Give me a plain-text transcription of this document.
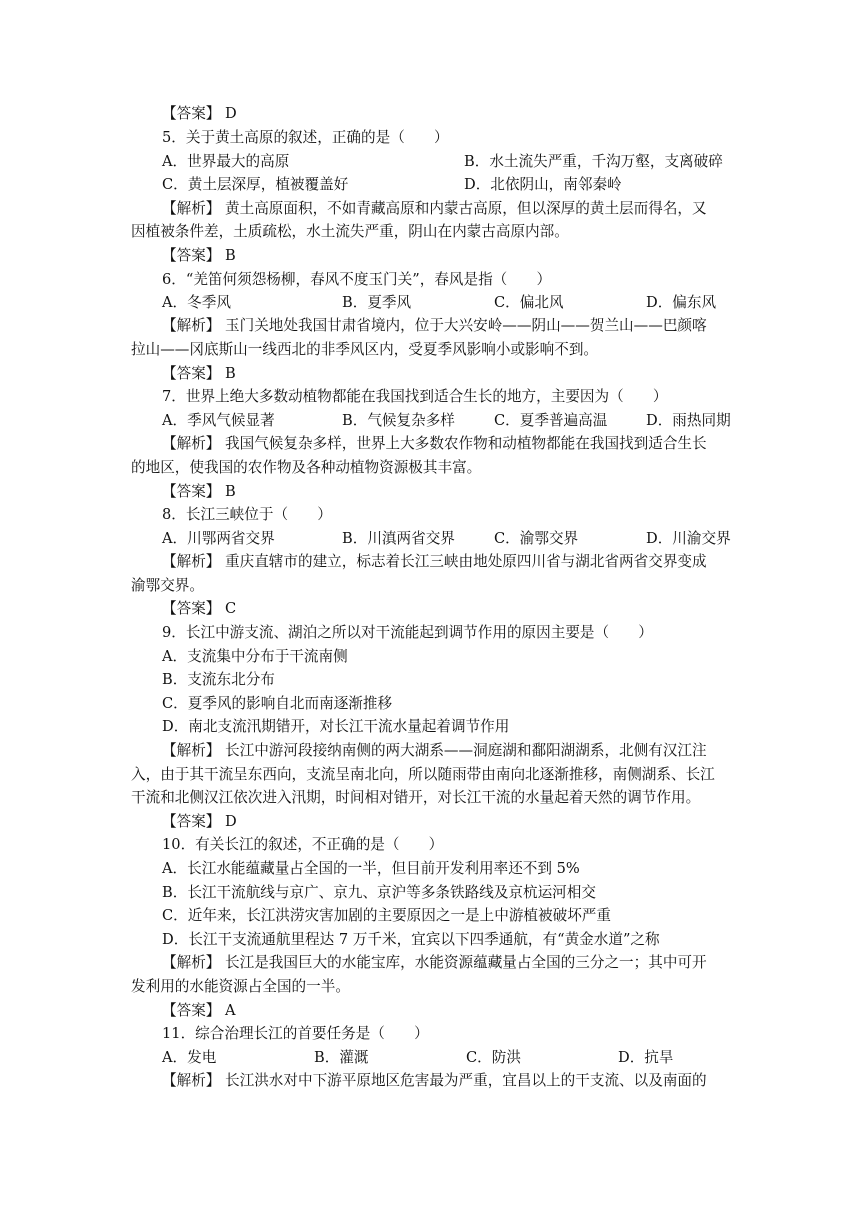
【答案】 D
5．关于黄土高原的叙述，正确的是（　　）
A．世界最大的高原	B．水土流失严重，千沟万壑，支离破碎
C．黄土层深厚，植被覆盖好	D．北依阴山，南邻秦岭
【解析】 黄土高原面积，不如青藏高原和内蒙古高原，但以深厚的黄土层而得名，又
因植被条件差，土质疏松，水土流失严重，阴山在内蒙古高原内部。
【答案】 B
6．“羌笛何须怨杨柳，春风不度玉门关”，春风是指（　　）
A．冬季风	B．夏季风	C．偏北风	D．偏东风
【解析】 玉门关地处我国甘肃省境内，位于大兴安岭——阴山——贺兰山——巴颜喀
拉山——冈底斯山一线西北的非季风区内，受夏季风影响小或影响不到。
【答案】 B
7．世界上绝大多数动植物都能在我国找到适合生长的地方，主要因为（　　）
A．季风气候显著	B．气候复杂多样	C．夏季普遍高温	D．雨热同期
【解析】 我国气候复杂多样，世界上大多数农作物和动植物都能在我国找到适合生长
的地区，使我国的农作物及各种动植物资源极其丰富。
【答案】 B
8．长江三峡位于（　　）
A．川鄂两省交界	B．川滇两省交界	C．渝鄂交界	D．川渝交界
【解析】 重庆直辖市的建立，标志着长江三峡由地处原四川省与湖北省两省交界变成
渝鄂交界。
【答案】 C
9．长江中游支流、湖泊之所以对干流能起到调节作用的原因主要是（　　）
A．支流集中分布于干流南侧
B．支流东北分布
C．夏季风的影响自北而南逐渐推移
D．南北支流汛期错开，对长江干流水量起着调节作用
【解析】 长江中游河段接纳南侧的两大湖系——洞庭湖和鄱阳湖湖系，北侧有汉江注
入，由于其干流呈东西向，支流呈南北向，所以随雨带由南向北逐渐推移，南侧湖系、长江
干流和北侧汉江依次进入汛期，时间相对错开，对长江干流的水量起着天然的调节作用。
【答案】 D
10．有关长江的叙述，不正确的是（　　）
A．长江水能蕴藏量占全国的一半，但目前开发利用率还不到 5%
B．长江干流航线与京广、京九、京沪等多条铁路线及京杭运河相交
C．近年来，长江洪涝灾害加剧的主要原因之一是上中游植被破坏严重
D．长江干支流通航里程达 7 万千米，宜宾以下四季通航，有“黄金水道”之称
【解析】 长江是我国巨大的水能宝库，水能资源蕴藏量占全国的三分之一；其中可开
发利用的水能资源占全国的一半。
【答案】 A
11．综合治理长江的首要任务是（　　）
A．发电	B．灌溉	C．防洪	D．抗旱
【解析】 长江洪水对中下游平原地区危害最为严重，宜昌以上的干支流、以及南面的
